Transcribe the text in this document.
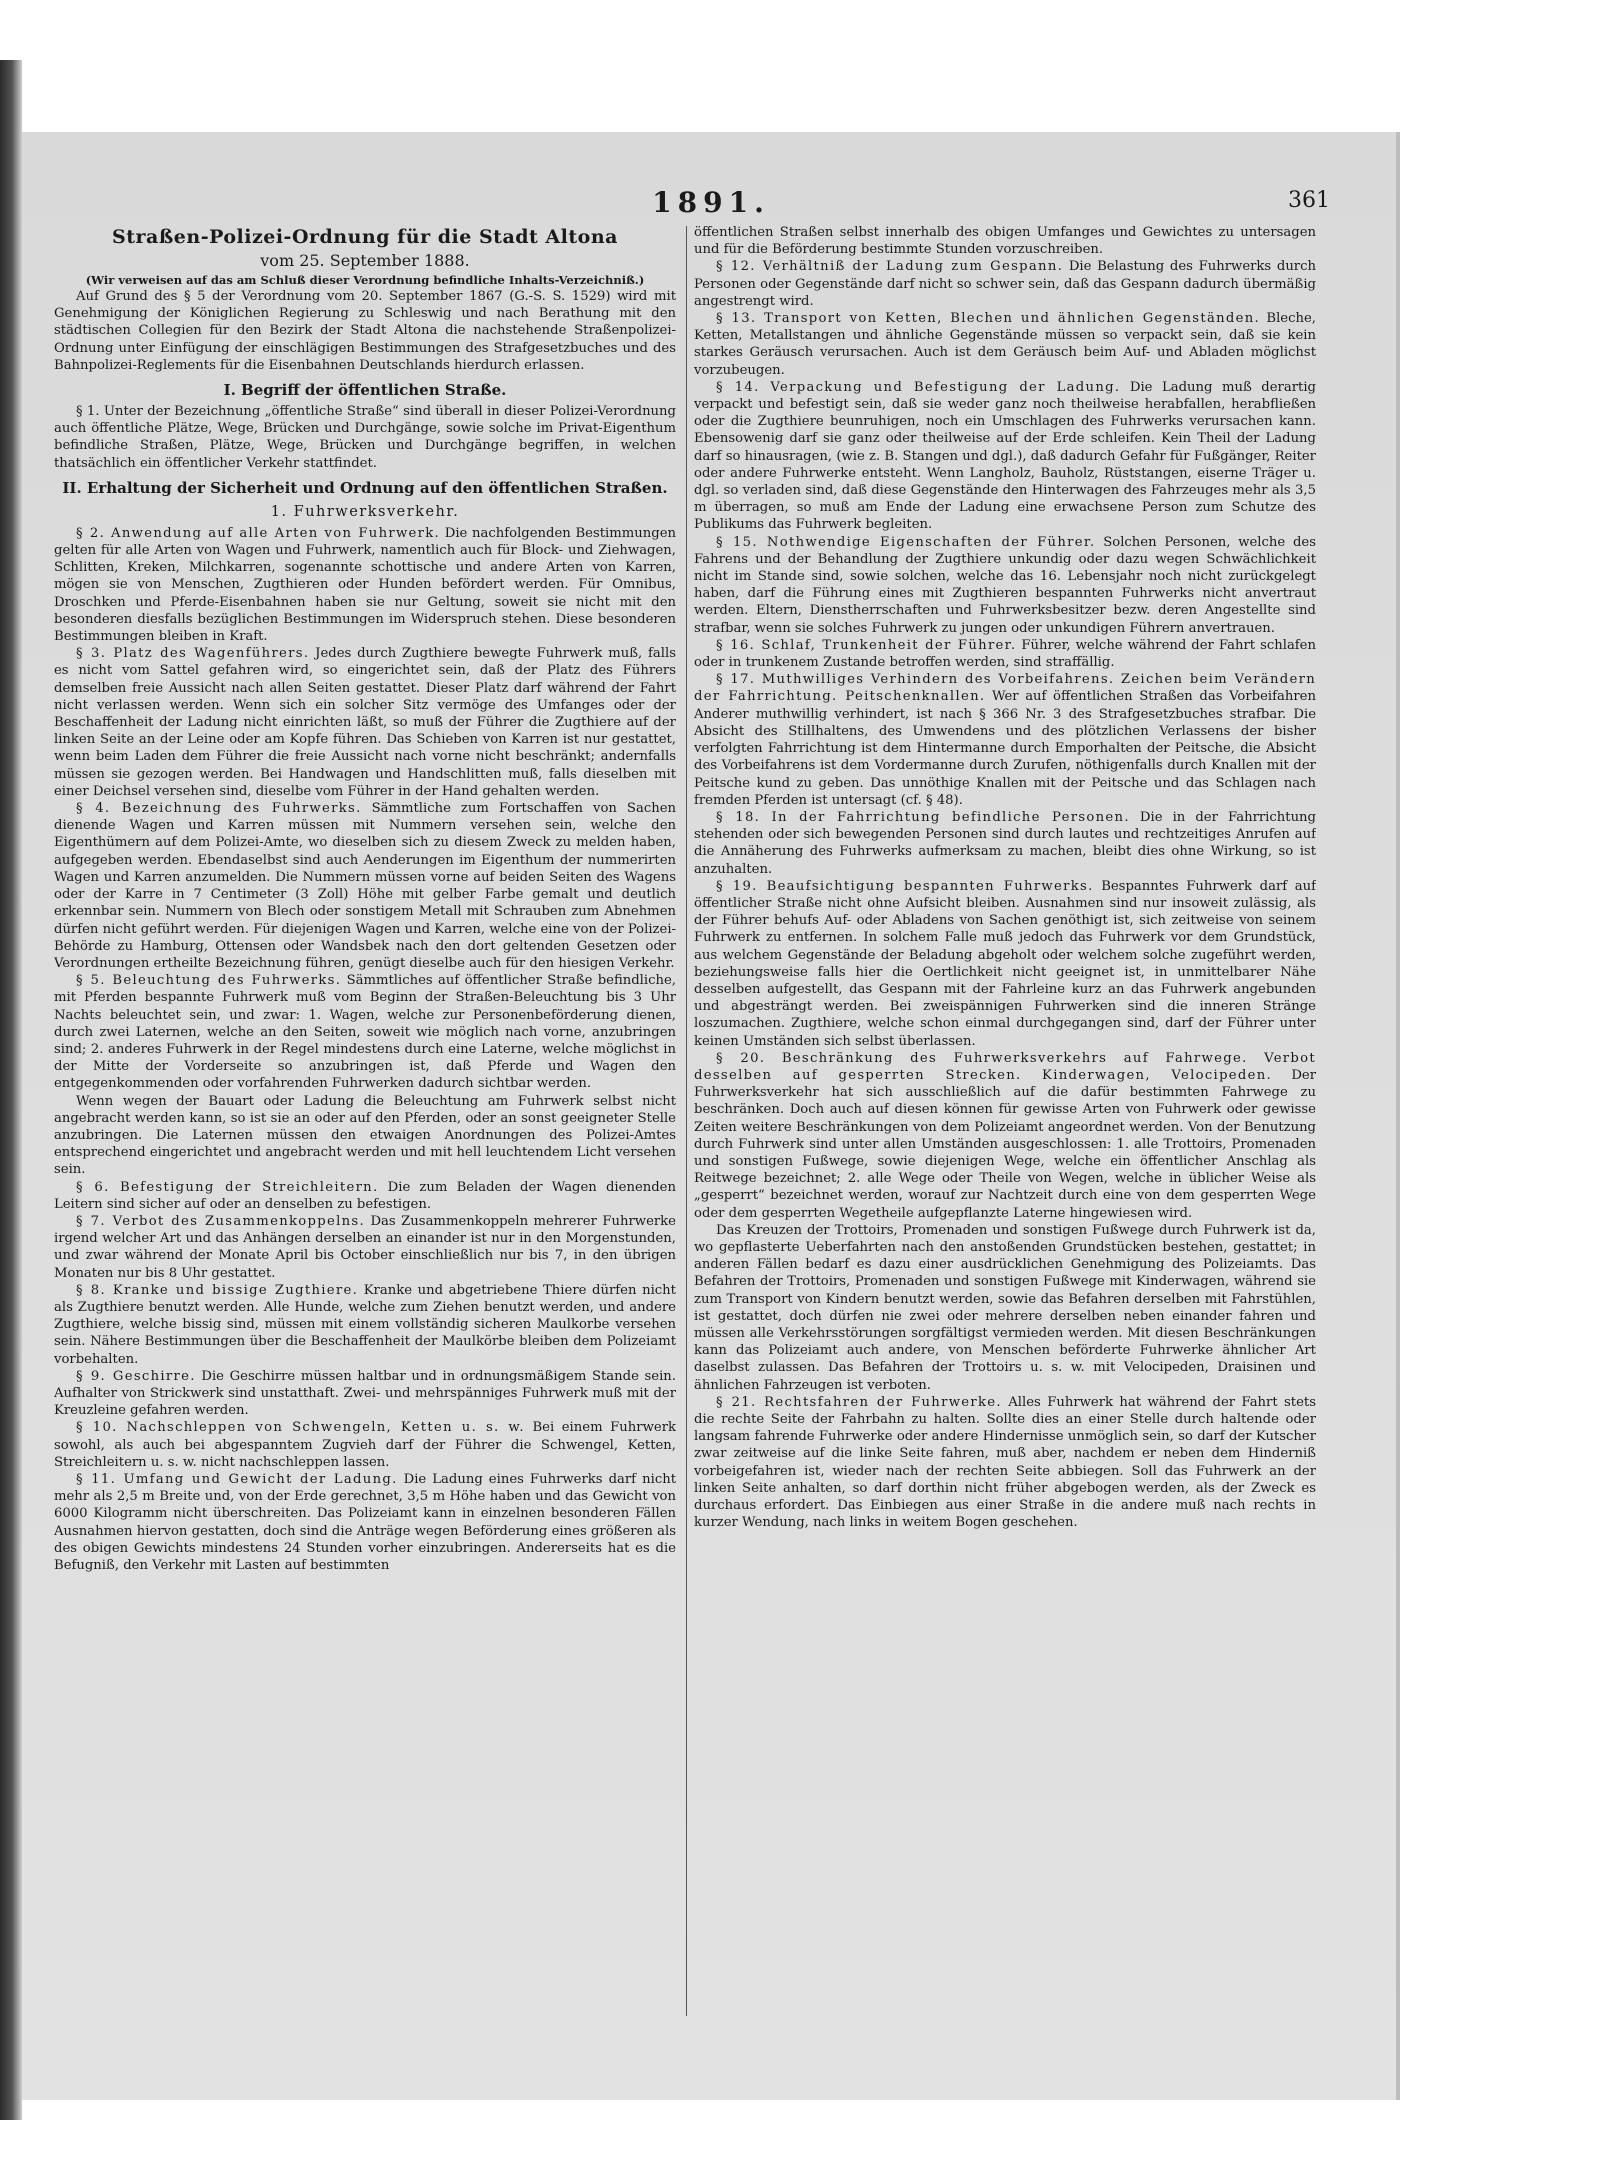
1891.	361
Straßen-Polizei-Ordnung für die Stadt Altona
vom 25. September 1888.
(Wir verweisen auf das am Schluß dieser Verordnung befindliche Inhalts-Verzeichniß.)

Auf Grund des § 5 der Verordnung vom 20. September 1867 (G.-S. S. 1529) wird mit Genehmigung der Königlichen Regierung zu Schleswig und nach Berathung mit den städtischen Collegien für den Bezirk der Stadt Altona die nachstehende Straßenpolizei-Ordnung unter Einfügung der einschlägigen Bestimmungen des Strafgesetzbuches und des Bahnpolizei-Reglements für die Eisenbahnen Deutschlands hierdurch erlassen.

I. Begriff der öffentlichen Straße.

§ 1. Unter der Bezeichnung „öffentliche Straße“ sind überall in dieser Polizei-Verordnung auch öffentliche Plätze, Wege, Brücken und Durchgänge, sowie solche im Privat-Eigenthum befindliche Straßen, Plätze, Wege, Brücken und Durchgänge begriffen, in welchen thatsächlich ein öffentlicher Verkehr stattfindet.

II. Erhaltung der Sicherheit und Ordnung auf den öffentlichen Straßen.
1. Fuhrwerksverkehr.

§ 2. Anwendung auf alle Arten von Fuhrwerk. Die nachfolgenden Bestimmungen gelten für alle Arten von Wagen und Fuhrwerk, namentlich auch für Block- und Ziehwagen, Schlitten, Kreken, Milchkarren, sogenannte schottische und andere Arten von Karren, mögen sie von Menschen, Zugthieren oder Hunden befördert werden. Für Omnibus, Droschken und Pferde-Eisenbahnen haben sie nur Geltung, soweit sie nicht mit den besonderen diesfalls bezüglichen Bestimmungen im Widerspruch stehen. Diese besonderen Bestimmungen bleiben in Kraft.

§ 3. Platz des Wagenführers. Jedes durch Zugthiere bewegte Fuhrwerk muß, falls es nicht vom Sattel gefahren wird, so eingerichtet sein, daß der Platz des Führers demselben freie Aussicht nach allen Seiten gestattet. Dieser Platz darf während der Fahrt nicht verlassen werden. Wenn sich ein solcher Sitz vermöge des Umfanges oder der Beschaffenheit der Ladung nicht einrichten läßt, so muß der Führer die Zugthiere auf der linken Seite an der Leine oder am Kopfe führen. Das Schieben von Karren ist nur gestattet, wenn beim Laden dem Führer die freie Aussicht nach vorne nicht beschränkt; andernfalls müssen sie gezogen werden. Bei Handwagen und Handschlitten muß, falls dieselben mit einer Deichsel versehen sind, dieselbe vom Führer in der Hand gehalten werden.

§ 4. Bezeichnung des Fuhrwerks. Sämmtliche zum Fortschaffen von Sachen dienende Wagen und Karren müssen mit Nummern versehen sein, welche den Eigenthümern auf dem Polizei-Amte, wo dieselben sich zu diesem Zweck zu melden haben, aufgegeben werden. Ebendaselbst sind auch Aenderungen im Eigenthum der nummerirten Wagen und Karren anzumelden. Die Nummern müssen vorne auf beiden Seiten des Wagens oder der Karre in 7 Centimeter (3 Zoll) Höhe mit gelber Farbe gemalt und deutlich erkennbar sein. Nummern von Blech oder sonstigem Metall mit Schrauben zum Abnehmen dürfen nicht geführt werden. Für diejenigen Wagen und Karren, welche eine von der Polizei-Behörde zu Hamburg, Ottensen oder Wandsbek nach den dort geltenden Gesetzen oder Verordnungen ertheilte Bezeichnung führen, genügt dieselbe auch für den hiesigen Verkehr.

§ 5. Beleuchtung des Fuhrwerks. Sämmtliches auf öffentlicher Straße befindliche, mit Pferden bespannte Fuhrwerk muß vom Beginn der Straßen-Beleuchtung bis 3 Uhr Nachts beleuchtet sein, und zwar: 1. Wagen, welche zur Personenbeförderung dienen, durch zwei Laternen, welche an den Seiten, soweit wie möglich nach vorne, anzubringen sind; 2. anderes Fuhrwerk in der Regel mindestens durch eine Laterne, welche möglichst in der Mitte der Vorderseite so anzubringen ist, daß Pferde und Wagen den entgegenkommenden oder vorfahrenden Fuhrwerken dadurch sichtbar werden.

Wenn wegen der Bauart oder Ladung die Beleuchtung am Fuhrwerk selbst nicht angebracht werden kann, so ist sie an oder auf den Pferden, oder an sonst geeigneter Stelle anzubringen. Die Laternen müssen den etwaigen Anordnungen des Polizei-Amtes entsprechend eingerichtet und angebracht werden und mit hell leuchtendem Licht versehen sein.

§ 6. Befestigung der Streichleitern. Die zum Beladen der Wagen dienenden Leitern sind sicher auf oder an denselben zu befestigen.

§ 7. Verbot des Zusammenkoppelns. Das Zusammenkoppeln mehrerer Fuhrwerke irgend welcher Art und das Anhängen derselben an einander ist nur in den Morgenstunden, und zwar während der Monate April bis October einschließlich nur bis 7, in den übrigen Monaten nur bis 8 Uhr gestattet.

§ 8. Kranke und bissige Zugthiere. Kranke und abgetriebene Thiere dürfen nicht als Zugthiere benutzt werden. Alle Hunde, welche zum Ziehen benutzt werden, und andere Zugthiere, welche bissig sind, müssen mit einem vollständig sicheren Maulkorbe versehen sein. Nähere Bestimmungen über die Beschaffenheit der Maulkörbe bleiben dem Polizeiamt vorbehalten.

§ 9. Geschirre. Die Geschirre müssen haltbar und in ordnungsmäßigem Stande sein. Aufhalter von Strickwerk sind unstatthaft. Zwei- und mehrspänniges Fuhrwerk muß mit der Kreuzleine gefahren werden.

§ 10. Nachschleppen von Schwengeln, Ketten u. s. w. Bei einem Fuhrwerk sowohl, als auch bei abgespanntem Zugvieh darf der Führer die Schwengel, Ketten, Streichleitern u. s. w. nicht nachschleppen lassen.

§ 11. Umfang und Gewicht der Ladung. Die Ladung eines Fuhrwerks darf nicht mehr als 2,5 m Breite und, von der Erde gerechnet, 3,5 m Höhe haben und das Gewicht von 6000 Kilogramm nicht überschreiten. Das Polizeiamt kann in einzelnen besonderen Fällen Ausnahmen hiervon gestatten, doch sind die Anträge wegen Beförderung eines größeren als des obigen Gewichts mindestens 24 Stunden vorher einzubringen. Andererseits hat es die Befugniß, den Verkehr mit Lasten auf bestimmten

öffentlichen Straßen selbst innerhalb des obigen Umfanges und Gewichtes zu untersagen und für die Beförderung bestimmte Stunden vorzuschreiben.

§ 12. Verhältniß der Ladung zum Gespann. Die Belastung des Fuhrwerks durch Personen oder Gegenstände darf nicht so schwer sein, daß das Gespann dadurch übermäßig angestrengt wird.

§ 13. Transport von Ketten, Blechen und ähnlichen Gegenständen. Bleche, Ketten, Metallstangen und ähnliche Gegenstände müssen so verpackt sein, daß sie kein starkes Geräusch verursachen. Auch ist dem Geräusch beim Auf- und Abladen möglichst vorzubeugen.

§ 14. Verpackung und Befestigung der Ladung. Die Ladung muß derartig verpackt und befestigt sein, daß sie weder ganz noch theilweise herabfallen, herabfließen oder die Zugthiere beunruhigen, noch ein Umschlagen des Fuhrwerks verursachen kann. Ebensowenig darf sie ganz oder theilweise auf der Erde schleifen. Kein Theil der Ladung darf so hinausragen, (wie z. B. Stangen und dgl.), daß dadurch Gefahr für Fußgänger, Reiter oder andere Fuhrwerke entsteht. Wenn Langholz, Bauholz, Rüststangen, eiserne Träger u. dgl. so verladen sind, daß diese Gegenstände den Hinterwagen des Fahrzeuges mehr als 3,5 m überragen, so muß am Ende der Ladung eine erwachsene Person zum Schutze des Publikums das Fuhrwerk begleiten.

§ 15. Nothwendige Eigenschaften der Führer. Solchen Personen, welche des Fahrens und der Behandlung der Zugthiere unkundig oder dazu wegen Schwächlichkeit nicht im Stande sind, sowie solchen, welche das 16. Lebensjahr noch nicht zurückgelegt haben, darf die Führung eines mit Zugthieren bespannten Fuhrwerks nicht anvertraut werden. Eltern, Dienstherrschaften und Fuhrwerksbesitzer bezw. deren Angestellte sind strafbar, wenn sie solches Fuhrwerk zu jungen oder unkundigen Führern anvertrauen.

§ 16. Schlaf, Trunkenheit der Führer. Führer, welche während der Fahrt schlafen oder in trunkenem Zustande betroffen werden, sind straffällig.

§ 17. Muthwilliges Verhindern des Vorbeifahrens. Zeichen beim Verändern der Fahrrichtung. Peitschenknallen. Wer auf öffentlichen Straßen das Vorbeifahren Anderer muthwillig verhindert, ist nach § 366 Nr. 3 des Strafgesetzbuches strafbar. Die Absicht des Stillhaltens, des Umwendens und des plötzlichen Verlassens der bisher verfolgten Fahrrichtung ist dem Hintermanne durch Emporhalten der Peitsche, die Absicht des Vorbeifahrens ist dem Vordermanne durch Zurufen, nöthigenfalls durch Knallen mit der Peitsche kund zu geben. Das unnöthige Knallen mit der Peitsche und das Schlagen nach fremden Pferden ist untersagt (cf. § 48).

§ 18. In der Fahrrichtung befindliche Personen. Die in der Fahrrichtung stehenden oder sich bewegenden Personen sind durch lautes und rechtzeitiges Anrufen auf die Annäherung des Fuhrwerks aufmerksam zu machen, bleibt dies ohne Wirkung, so ist anzuhalten.

§ 19. Beaufsichtigung bespannten Fuhrwerks. Bespanntes Fuhrwerk darf auf öffentlicher Straße nicht ohne Aufsicht bleiben. Ausnahmen sind nur insoweit zulässig, als der Führer behufs Auf- oder Abladens von Sachen genöthigt ist, sich zeitweise von seinem Fuhrwerk zu entfernen. In solchem Falle muß jedoch das Fuhrwerk vor dem Grundstück, aus welchem Gegenstände der Beladung abgeholt oder welchem solche zugeführt werden, beziehungsweise falls hier die Oertlichkeit nicht geeignet ist, in unmittelbarer Nähe desselben aufgestellt, das Gespann mit der Fahrleine kurz an das Fuhrwerk angebunden und abgesträngt werden. Bei zweispännigen Fuhrwerken sind die inneren Stränge loszumachen. Zugthiere, welche schon einmal durchgegangen sind, darf der Führer unter keinen Umständen sich selbst überlassen.

§ 20. Beschränkung des Fuhrwerksverkehrs auf Fahrwege. Verbot desselben auf gesperrten Strecken. Kinderwagen, Velocipeden. Der Fuhrwerksverkehr hat sich ausschließlich auf die dafür bestimmten Fahrwege zu beschränken. Doch auch auf diesen können für gewisse Arten von Fuhrwerk oder gewisse Zeiten weitere Beschränkungen von dem Polizeiamt angeordnet werden. Von der Benutzung durch Fuhrwerk sind unter allen Umständen ausgeschlossen: 1. alle Trottoirs, Promenaden und sonstigen Fußwege, sowie diejenigen Wege, welche ein öffentlicher Anschlag als Reitwege bezeichnet; 2. alle Wege oder Theile von Wegen, welche in üblicher Weise als „gesperrt“ bezeichnet werden, worauf zur Nachtzeit durch eine von dem gesperrten Wege oder dem gesperrten Wegetheile aufgepflanzte Laterne hingewiesen wird.

Das Kreuzen der Trottoirs, Promenaden und sonstigen Fußwege durch Fuhrwerk ist da, wo gepflasterte Ueberfahrten nach den anstoßenden Grundstücken bestehen, gestattet; in anderen Fällen bedarf es dazu einer ausdrücklichen Genehmigung des Polizeiamts. Das Befahren der Trottoirs, Promenaden und sonstigen Fußwege mit Kinderwagen, während sie zum Transport von Kindern benutzt werden, sowie das Befahren derselben mit Fahrstühlen, ist gestattet, doch dürfen nie zwei oder mehrere derselben neben einander fahren und müssen alle Verkehrsstörungen sorgfältigst vermieden werden. Mit diesen Beschränkungen kann das Polizeiamt auch andere, von Menschen beförderte Fuhrwerke ähnlicher Art daselbst zulassen. Das Befahren der Trottoirs u. s. w. mit Velocipeden, Draisinen und ähnlichen Fahrzeugen ist verboten.

§ 21. Rechtsfahren der Fuhrwerke. Alles Fuhrwerk hat während der Fahrt stets die rechte Seite der Fahrbahn zu halten. Sollte dies an einer Stelle durch haltende oder langsam fahrende Fuhrwerke oder andere Hindernisse unmöglich sein, so darf der Kutscher zwar zeitweise auf die linke Seite fahren, muß aber, nachdem er neben dem Hinderniß vorbeigefahren ist, wieder nach der rechten Seite abbiegen. Soll das Fuhrwerk an der linken Seite anhalten, so darf dorthin nicht früher abgebogen werden, als der Zweck es durchaus erfordert. Das Einbiegen aus einer Straße in die andere muß nach rechts in kurzer Wendung, nach links in weitem Bogen geschehen.
